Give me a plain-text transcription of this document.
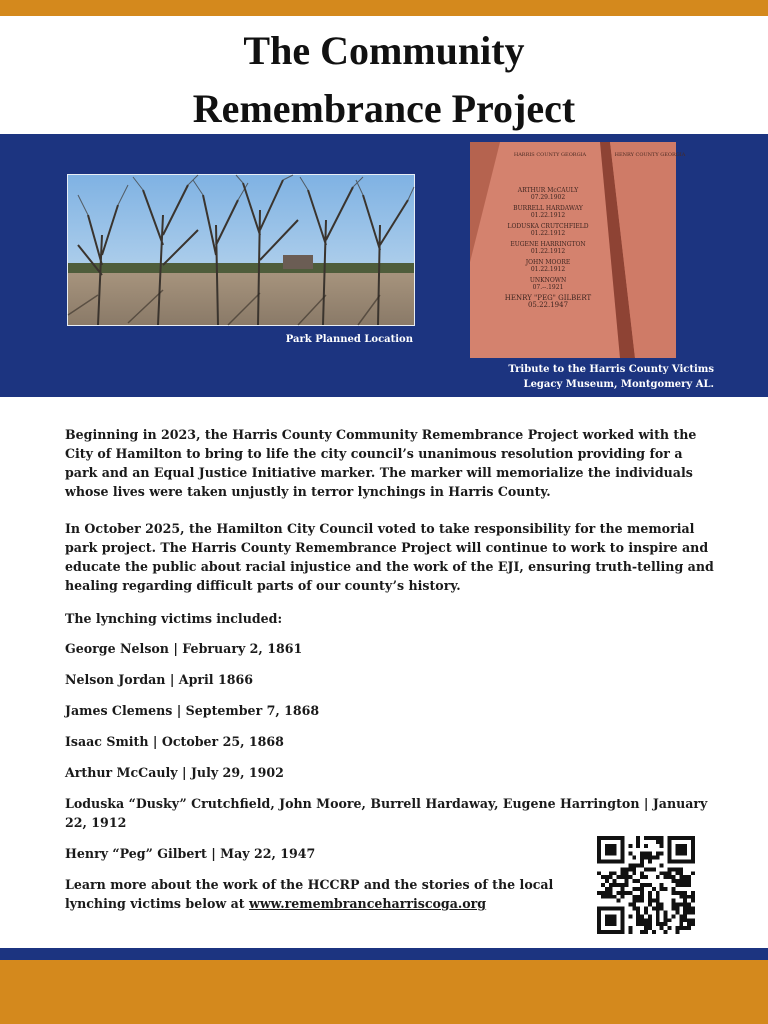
The Community
Remembrance Project
Park Planned Location
HARRIS COUNTY GEORGIA	HENRY COUNTY GEORGIA
ARTHUR McCAULY
07.29.1902
BURRELL HARDAWAY
01.22.1912
LODUSKA CRUTCHFIELD
01.22.1912
EUGENE HARRINGTON
01.22.1912
JOHN MOORE
01.22.1912
UNKNOWN
07.--.1921
HENRY "PEG" GILBERT
05.22.1947
Tribute to the Harris County Victims
Legacy Museum, Montgomery AL.

Beginning in 2023, the Harris County Community Remembrance Project worked with the City of Hamilton to bring to life the city council’s unanimous resolution providing for a park and an Equal Justice Initiative marker. The marker will memorialize the individuals whose lives were taken unjustly in terror lynchings in Harris County.

In October 2025, the Hamilton City Council voted to take responsibility for the memorial park project. The Harris County Remembrance Project will continue to work to inspire and educate the public about racial injustice and the work of the EJI, ensuring truth-telling and healing regarding difficult parts of our county’s history.

The lynching victims included:

George Nelson | February 2, 1861

Nelson Jordan | April 1866

James Clemens | September 7, 1868

Isaac Smith | October 25, 1868

Arthur McCauly | July 29, 1902

Loduska “Dusky” Crutchfield, John Moore, Burrell Hardaway, Eugene Harrington | January 22, 1912

Henry “Peg” Gilbert | May 22, 1947

Learn more about the work of the HCCRP and the stories of the local lynching victims below at www.remembranceharriscoga.org
